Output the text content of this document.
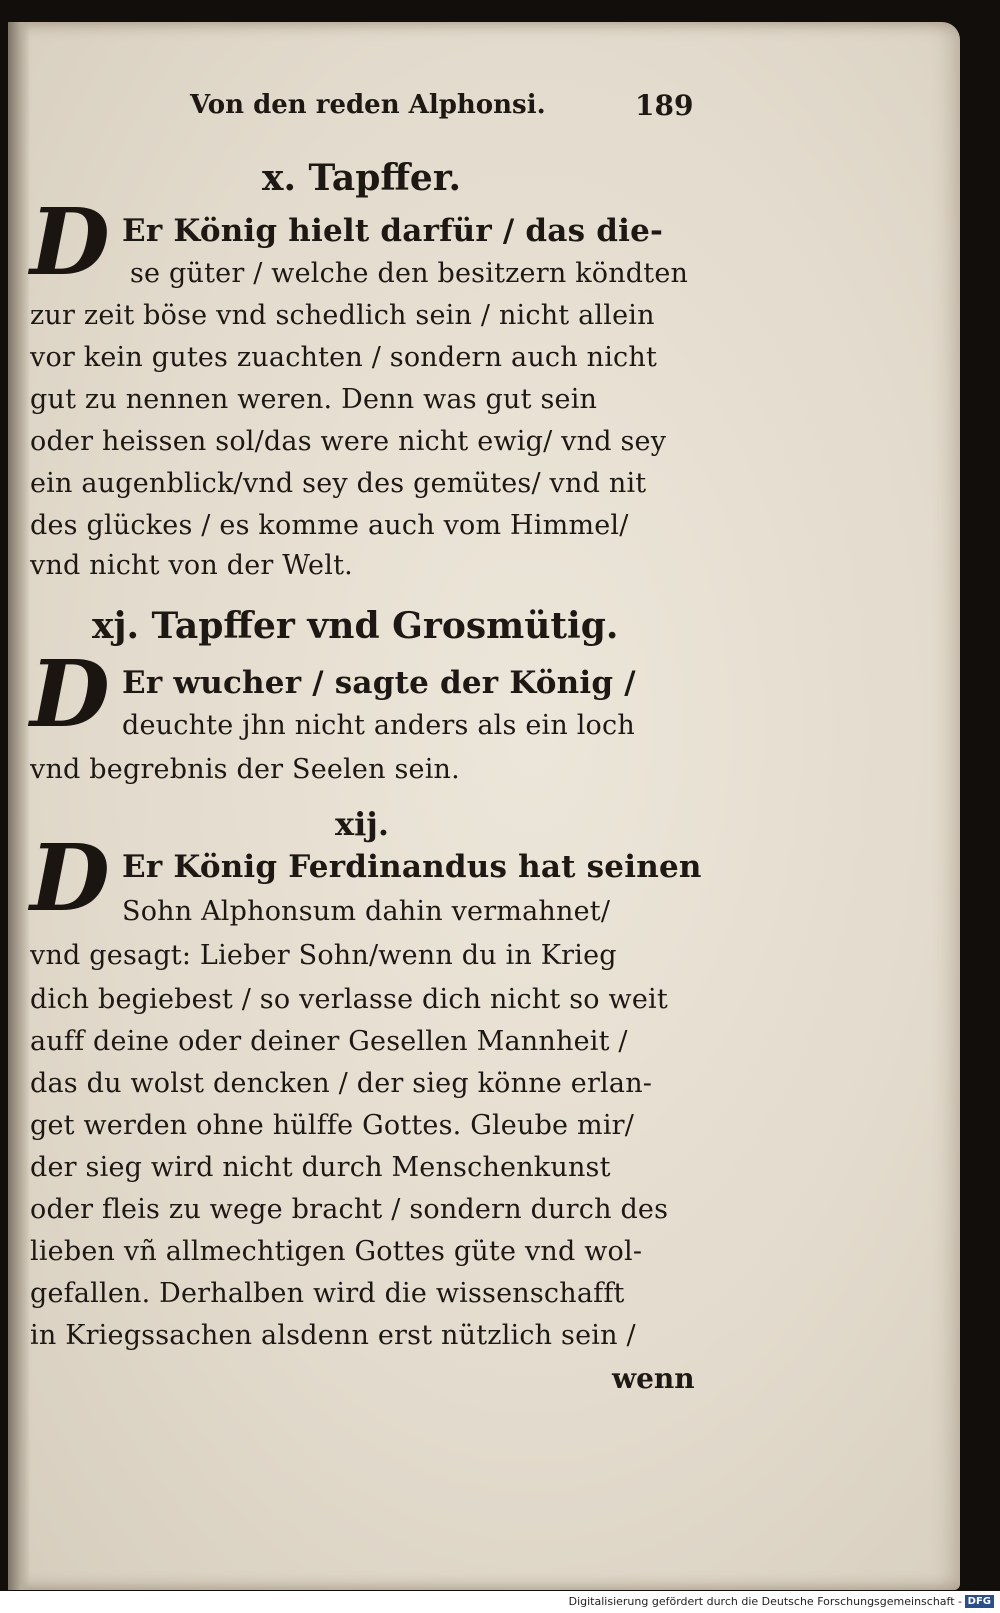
Von den reden Alphonsi.	189

x. Tapffer.

D Er König hielt darfür / das die-

se güter / welche den besitzern köndten

zur zeit böse vnd schedlich sein / nicht allein

vor kein gutes zuachten / sondern auch nicht

gut zu nennen weren. Denn was gut sein

oder heissen sol/das were nicht ewig/ vnd sey

ein augenblick/vnd sey des gemütes/ vnd nit

des glückes / es komme auch vom Himmel/

vnd nicht von der Welt.

xj. Tapffer vnd Grosmütig.

D Er wucher / sagte der König /

deuchte jhn nicht anders als ein loch

vnd begrebnis der Seelen sein.

xij.

D Er König Ferdinandus hat seinen

Sohn Alphonsum dahin vermahnet/

vnd gesagt: Lieber Sohn/wenn du in Krieg

dich begiebest / so verlasse dich nicht so weit

auff deine oder deiner Gesellen Mannheit /

das du wolst dencken / der sieg könne erlan-

get werden ohne hülffe Gottes. Gleube mir/

der sieg wird nicht durch Menschenkunst

oder fleis zu wege bracht / sondern durch des

lieben vñ allmechtigen Gottes güte vnd wol-

gefallen. Derhalben wird die wissenschafft

in Kriegssachen alsdenn erst nützlich sein /

wenn

Digitalisierung gefördert durch die Deutsche Forschungsgemeinschaft - DFG
